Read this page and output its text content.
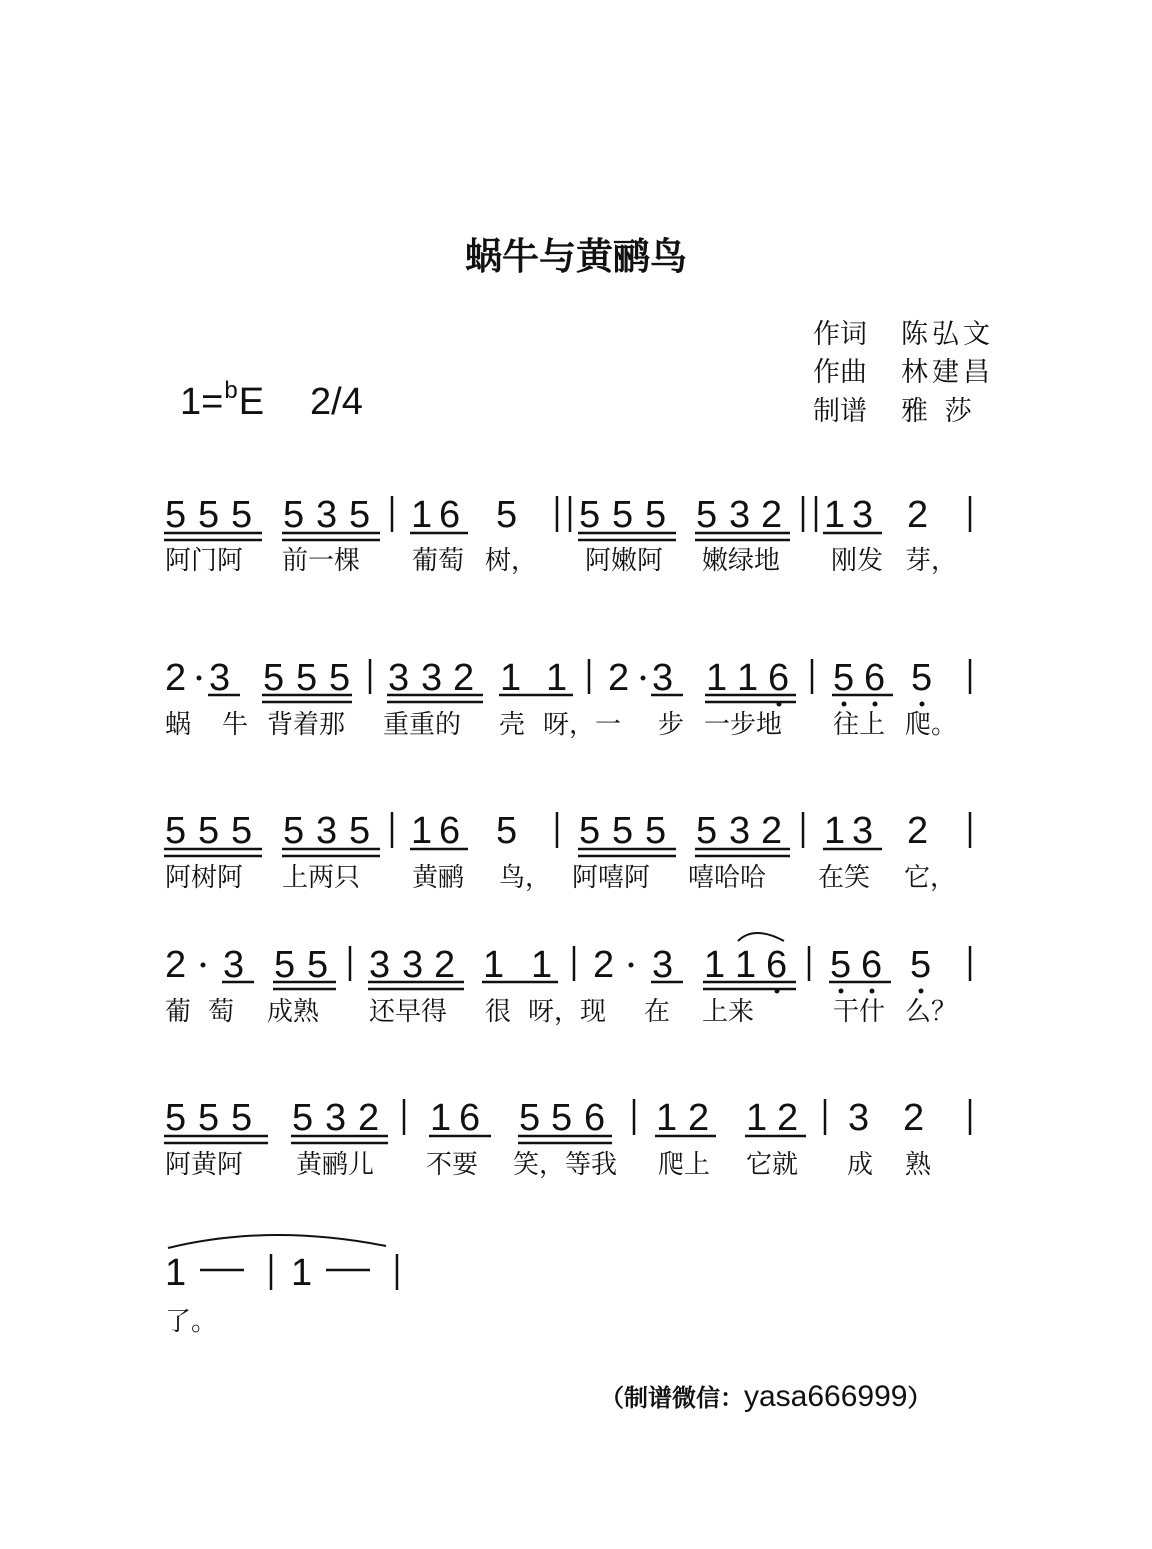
蜗牛与黄鹂鸟
作词 陈弘文
作曲 林建昌
制谱 雅 莎
1=$^b$E 2/4
5 5 5 5 3 5 1 6 5 5 5 5 5 3 2 1 3 2
2 3 5 5 5 3 3 2 1 1 2 3 1 1 6 5 6 5
5 5 5 5 3 5 1 6 5 5 5 5 5 3 2 1 3 2
2 3 5 5 3 3 2 1 1 2 3 1 1 6 5 6 5
5 5 5 5 3 2 1 6 5 5 6 1 2 1 2 3 2
1	1
阿门阿 前一棵 葡萄 树， 阿嫩阿 嫩绿地 刚发 芽，
蜗 牛 背着那 重重的 壳 呀，一 步 一步地 往上 爬。
阿树阿 上两只 黄鹂 鸟， 阿嘻阿 嘻哈哈 在笑 它，
葡 萄 成熟 还早得 很 呀，现 在 上来	干什 么？
阿黄阿 黄鹂儿 不要 笑，等我 爬上 它就 成 熟
了。
（制谱微信：yasa666999）
